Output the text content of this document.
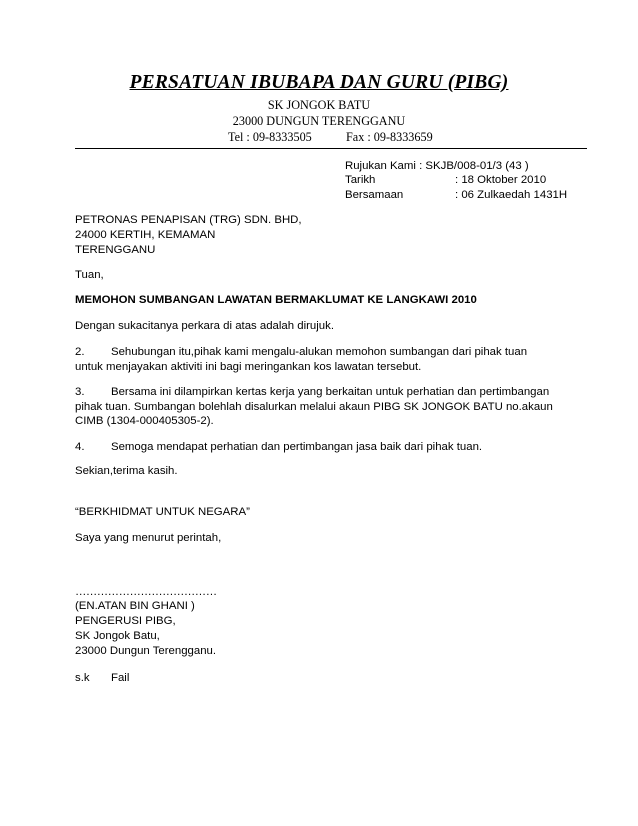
PERSATUAN IBUBAPA DAN GURU (PIBG)
SK JONGOK BATU
23000 DUNGUN TERENGGANU
Tel : 09-8333505	Fax : 09-8333659
Rujukan Kami : SKJB/008-01/3 (43 )
Tarikh	: 18 Oktober 2010
Bersamaan	: 06 Zulkaedah 1431H
PETRONAS PENAPISAN (TRG) SDN. BHD,
24000 KERTIH, KEMAMAN
TERENGGANU
Tuan,
MEMOHON SUMBANGAN LAWATAN BERMAKLUMAT KE LANGKAWI 2010
Dengan sukacitanya perkara di atas adalah dirujuk.
2. Sehubungan itu,pihak kami mengalu-alukan memohon sumbangan dari pihak tuan
untuk menjayakan aktiviti ini bagi meringankan kos lawatan tersebut.
3. Bersama ini dilampirkan kertas kerja yang berkaitan untuk perhatian dan pertimbangan
pihak tuan. Sumbangan bolehlah disalurkan melalui akaun PIBG SK JONGOK BATU no.akaun
CIMB (1304-000405305-2).
4. Semoga mendapat perhatian dan pertimbangan jasa baik dari pihak tuan.
Sekian,terima kasih.
“BERKHIDMAT UNTUK NEGARA”
Saya yang menurut perintah,
…………………………………
(EN.ATAN BIN GHANI )
PENGERUSI PIBG,
SK Jongok Batu,
23000 Dungun Terengganu.
s.k Fail
